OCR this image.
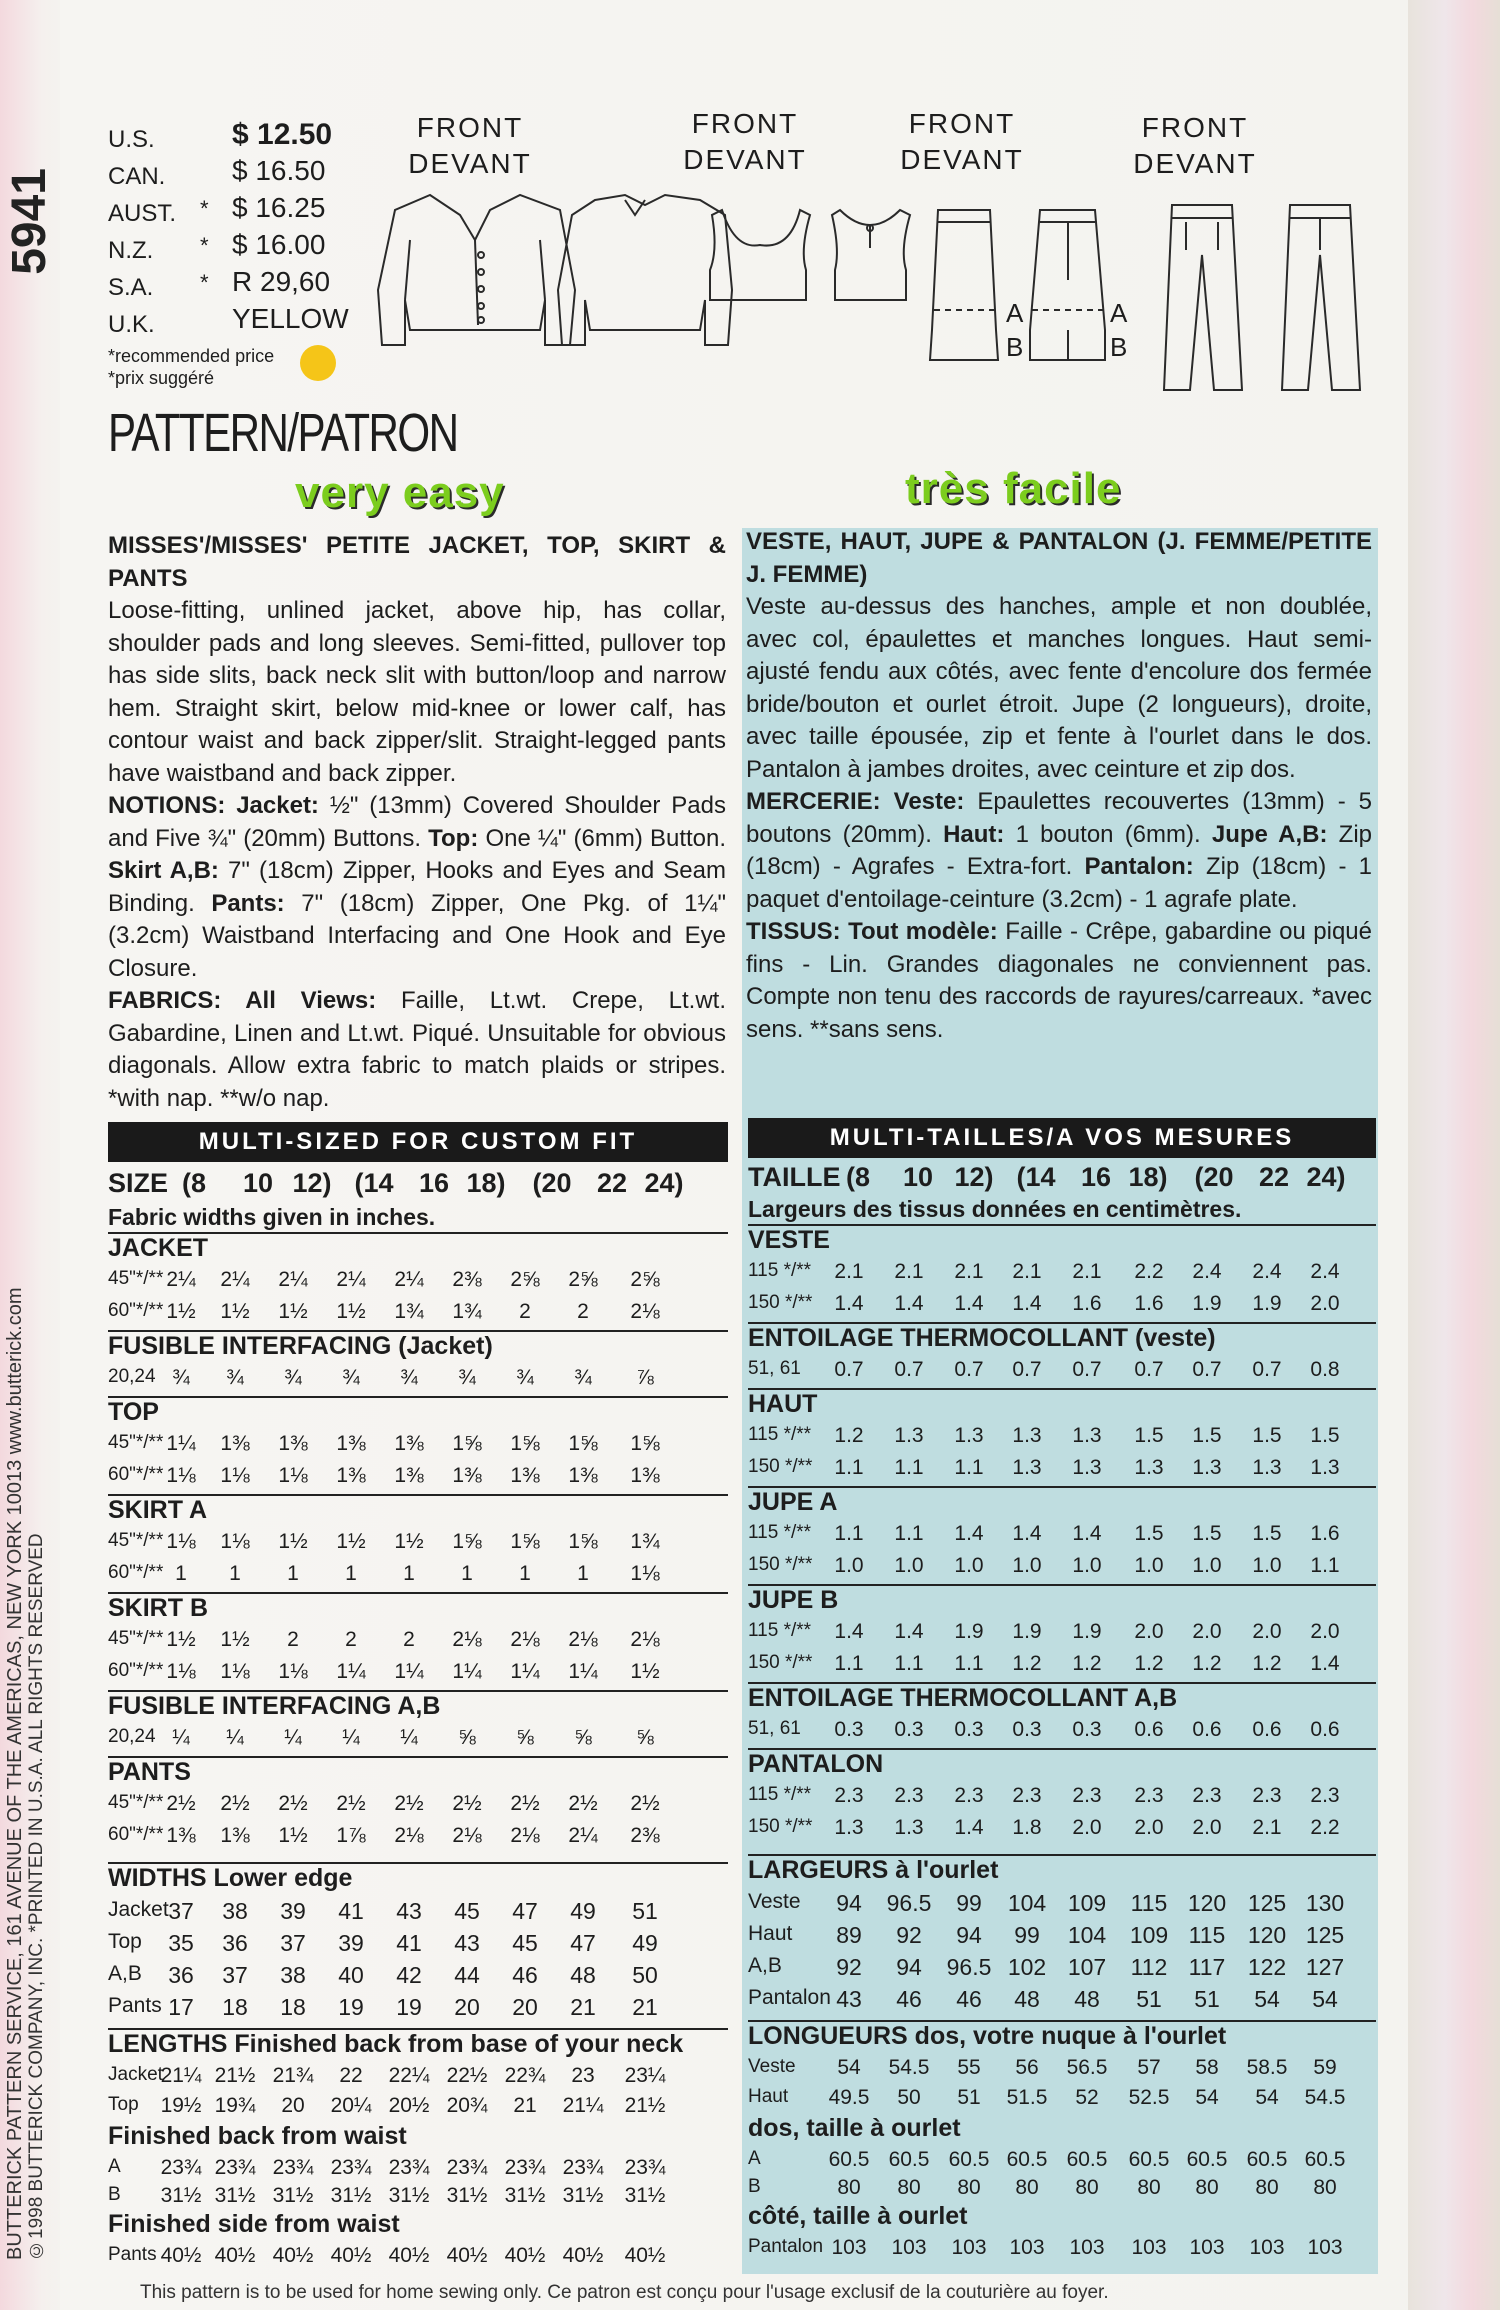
5941
BUTTERICK PATTERN SERVICE, 161 AVENUE OF THE AMERICAS, NEW YORK 10013 www.butterick.com ©1998 BUTTERICK COMPANY, INC. *PRINTED IN U.S.A. ALL RIGHTS RESERVED
U.S.	$ 12.50
CAN. $ 16.50
AUST. * $ 16.25
N.Z. * $ 16.00
S.A. * R 29,60
U.K.	YELLOW
*recommended price
*prix suggéré
PATTERN/PATRON
FRONT
DEVANT
FRONT
DEVANT
FRONT
DEVANT
FRONT
DEVANT
A
B
A
B
very easy	très facile

MISSES'/MISSES' PETITE JACKET, TOP, SKIRT & PANTS

Loose-fitting, unlined jacket, above hip, has collar, shoulder pads and long sleeves. Semi-fitted, pullover top has side slits, back neck slit with button/loop and narrow hem. Straight skirt, below mid-knee or lower calf, has contour waist and back zipper/slit. Straight-legged pants have waistband and back zipper.

NOTIONS: Jacket: ½" (13mm) Covered Shoulder Pads and Five ¾" (20mm) Buttons. Top: One ¼" (6mm) Button. Skirt A,B: 7" (18cm) Zipper, Hooks and Eyes and Seam Binding. Pants: 7" (18cm) Zipper, One Pkg. of 1¼" (3.2cm) Waistband Interfacing and One Hook and Eye Closure.

FABRICS: All Views: Faille, Lt.wt. Crepe, Lt.wt. Gabardine, Linen and Lt.wt. Piqué. Unsuitable for obvious diagonals. Allow extra fabric to match plaids or stripes. *with nap. **w/o nap.

VESTE, HAUT, JUPE & PANTALON (J. FEMME/PETITE J. FEMME)

Veste au-dessus des hanches, ample et non doublée, avec col, épaulettes et manches longues. Haut semi-ajusté fendu aux côtés, avec fente d'encolure dos fermée bride/bouton et ourlet étroit. Jupe (2 longueurs), droite, avec taille épousée, zip et fente à l'ourlet dans le dos. Pantalon à jambes droites, avec ceinture et zip dos.

MERCERIE: Veste: Epaulettes recouvertes (13mm) - 5 boutons (20mm). Haut: 1 bouton (6mm). Jupe A,B: Zip (18cm) - Agrafes - Extra-fort. Pantalon: Zip (18cm) - 1 paquet d'entoilage-ceinture (3.2cm) - 1 agrafe plate.

TISSUS: Tout modèle: Faille - Crêpe, gabardine ou piqué fins - Lin. Grandes diagonales ne conviennent pas. Compte non tenu des raccords de rayures/carreaux. *avec sens. **sans sens.

MULTI-SIZED FOR CUSTOM FIT	MULTI-TAILLES/A VOS MESURES
SIZE (8	10 12) (14 16 18) (20 22 24)	TAILLE (8	10 12) (14 16 18) (20 22 24)
Fabric widths given in inches.	Largeurs des tissus données en centimètres.
JACKET
45"*/** 2¼	2¼	2¼	2¼	2¼	2⅜	2⅝	2⅝	2⅝
60"*/** 1½	1½	1½	1½	1¾	1¾	2	2	2⅛
FUSIBLE INTERFACING (Jacket)
20,24 ¾	¾	¾	¾	¾	¾	¾	¾	⅞
TOP
45"*/** 1¼	1⅜	1⅜	1⅜	1⅜	1⅝	1⅝	1⅝	1⅝
60"*/** 1⅛	1⅛	1⅛	1⅜	1⅜	1⅜	1⅜	1⅜	1⅜
SKIRT A
45"*/** 1⅛	1⅛	1½	1½	1½	1⅝	1⅝	1⅝	1¾
60"*/** 1	1	1	1	1	1	1	1	1⅛
SKIRT B
45"*/** 1½	1½	2	2	2	2⅛	2⅛	2⅛	2⅛
60"*/** 1⅛	1⅛	1⅛	1¼	1¼	1¼	1¼	1¼	1½
FUSIBLE INTERFACING A,B
20,24 ¼	¼	¼	¼	¼	⅝	⅝	⅝	⅝
PANTS
45"*/** 2½	2½	2½	2½	2½	2½	2½	2½	2½
60"*/** 1⅜	1⅜	1½	1⅞	2⅛	2⅛	2⅛	2¼	2⅜
VESTE
115 */**	2.1	2.1	2.1	2.1	2.1	2.2	2.4	2.4	2.4
150 */**	1.4	1.4	1.4	1.4	1.6	1.6	1.9	1.9	2.0
ENTOILAGE THERMOCOLLANT (veste)
51, 61	0.7	0.7	0.7	0.7	0.7	0.7	0.7	0.7	0.8
HAUT
115 */**	1.2	1.3	1.3	1.3	1.3	1.5	1.5	1.5	1.5
150 */**	1.1	1.1	1.1	1.3	1.3	1.3	1.3	1.3	1.3
JUPE A
115 */**	1.1	1.1	1.4	1.4	1.4	1.5	1.5	1.5	1.6
150 */**	1.0	1.0	1.0	1.0	1.0	1.0	1.0	1.0	1.1
JUPE B
115 */**	1.4	1.4	1.9	1.9	1.9	2.0	2.0	2.0	2.0
150 */**	1.1	1.1	1.1	1.2	1.2	1.2	1.2	1.2	1.4
ENTOILAGE THERMOCOLLANT A,B
51, 61	0.3	0.3	0.3	0.3	0.3	0.6	0.6	0.6	0.6
PANTALON
115 */**	2.3	2.3	2.3	2.3	2.3	2.3	2.3	2.3	2.3
150 */**	1.3	1.3	1.4	1.8	2.0	2.0	2.0	2.1	2.2
WIDTHS Lower edge
Jacket 37	38	39	41	43	45	47	49	51
Top	35	36	37	39	41	43	45	47	49
A,B	36	37	38	40	42	44	46	48	50
Pants 17	18	18	19	19	20	20	21	21
LENGTHS Finished back from base of your neck
Jacket
21¼ 21½ 21¾	22	22¼ 22½ 22¾	23	23¼
Top	19½ 19¾	20	20¼ 20½ 20¾	21	21¼	21½
Finished back from waist
A	23¾ 23¾ 23¾ 23¾ 23¾ 23¾ 23¾ 23¾	23¾
B	31½ 31½ 31½ 31½ 31½ 31½ 31½ 31½	31½
Finished side from waist
Pants 40½ 40½ 40½ 40½ 40½ 40½ 40½ 40½	40½
LARGEURS à l'ourlet
Veste	94	96.5	99	104 109	115 120 125 130
Haut	89	92	94	99	104	109 115 120 125
A,B	92	94	96.5 102 107	112 117 122 127
Pantalon 43	46	46	48	48	51	51	54	54
LONGUEURS dos, votre nuque à l'ourlet
Veste	54	54.5	55	56	56.5	57	58	58.5	59
Haut	49.5	50	51	51.5	52	52.5	54	54	54.5
dos, taille à ourlet
A	60.5 60.5 60.5 60.5 60.5	60.5 60.5 60.5 60.5
B	80	80	80	80	80	80	80	80	80
côté, taille à ourlet
Pantalon 103	103	103	103	103	103	103	103	103
This pattern is to be used for home sewing only. Ce patron est conçu pour l'usage exclusif de la couturière au foyer.
